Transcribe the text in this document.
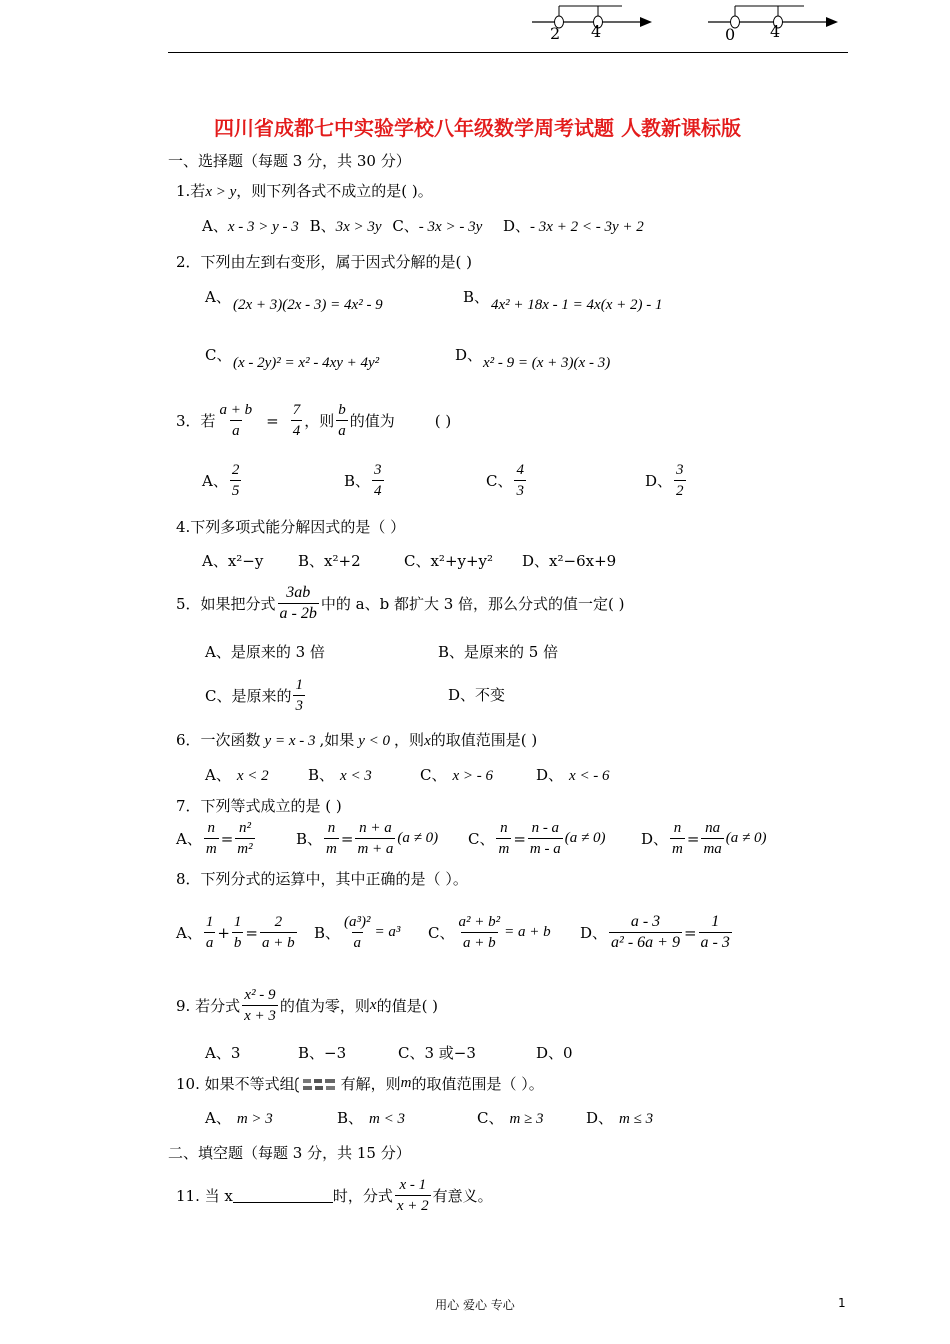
2 4	0 4
四川省成都七中实验学校八年级数学周考试题 人教新课标版
一、选择题（每题 3 分，共 30 分）
1.若x > y，则下列各式不成立的是( )。
A、x - 3 > y - 3 B、3x > 3y C、- 3x > - 3y D、- 3x + 2 < - 3y + 2
2．下列由左到右变形，属于因式分解的是( )
A、 (2x + 3)(2x - 3) = 4x² - 9	B、 4x² + 18x - 1 = 4x(x + 2) - 1
C、 (x - 2y)² = x² - 4xy + 4y²	D、 x² - 9 = (x + 3)(x - 3)
3．若 $\frac{a + b}{a} = \frac{7}{4}$ ，则 $\frac{b}{a}$ 的值为	( )
A、 $\frac{2}{5}$	B、 $\frac{3}{4}$	C、 $\frac{4}{3}$	D、 $\frac{3}{2}$
4.下列多项式能分解因式的是（ ）
A、x²−y B、x²+2	C、x²+y+y² D、x²−6x+9
5．如果把分式 $\frac{3ab}{a - 2b}$ 中的 a、b 都扩大 3 倍，那么分式的值一定( )
A、是原来的 3 倍	B、是原来的 5 倍
C、是原来的 $\frac{1}{3}$	D、不变
6．一次函数 y = x - 3 ,如果 y < 0 ，则x的取值范围是( )
A、 x < 2	B、 x < 3	C、 x > - 6	D、 x < - 6
7．下列等式成立的是 ( )
A、 $\frac{n}{m} = \frac{\text{n²}}{\text{m²}}$	B、 $\frac{n}{m} = \frac{n + a}{m + a} (a \ne 0)$ C、 $\frac{n}{m} = \frac{n - a}{m - a} (a \ne 0)$ D、 $\frac{n}{m} = \frac{na}{ma} (a \ne 0)$
8．下列分式的运算中，其中正确的是（ ）。
A、 $\frac{1}{a} + \frac{1}{b} = \frac{2}{a + b}$ B、 $\frac{\text{(a³)²}}{a} = a^3$ C、 $\frac{\text{a² + b²}}{a + b} = a + b$ D、 $\frac{a - 3}{\text{a² - 6a + 9}} = \frac{1}{a - 3}$
9. 若分式 $\frac{\text{x² - 9}}{x + 3}$ 的值为零，则 x 的值是( )
A、3	B、−3	C、3 或−3	D、0
10. 如果不等式组	有解，则 m 的取值范围是（ ）。
A、 m > 3	B、 m < 3	C、 m ≥ 3	D、 m ≤ 3
二、填空题（每题 3 分，共 15 分）
11. 当 x	时，分式 $\frac{x - 1}{x + 2}$ 有意义。
用心 爱心 专心	1
